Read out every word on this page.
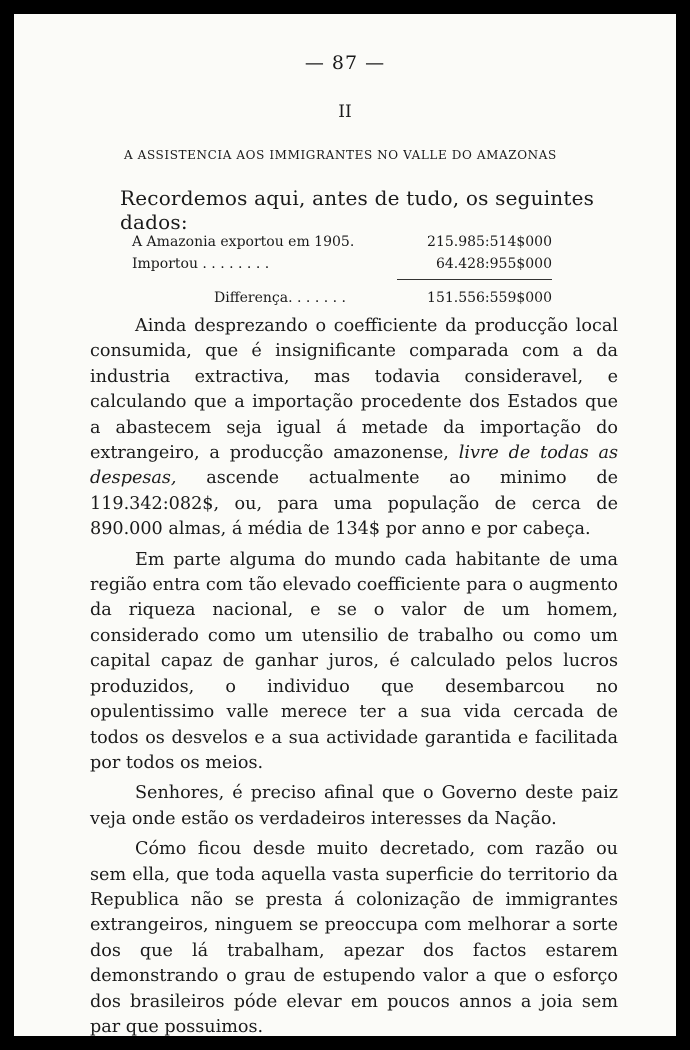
— 87 —
II
A ASSISTENCIA AOS IMMIGRANTES NO VALLE DO AMAZONAS
Recordemos aqui, antes de tudo, os seguintes dados:
A Amazonia exportou em 1905.	215.985:514$000
Importou . . . . . . . .	64.428:955$000
Differença. . . . . . .	151.556:559$000

Ainda desprezando o coefficiente da producção local consumida, que é insignificante comparada com a da industria extractiva, mas todavia consideravel, e calculando que a importação procedente dos Estados que a abastecem seja igual á metade da importação do extrangeiro, a producção amazonense, livre de todas as despesas, ascende actualmente ao minimo de 119.342:082$, ou, para uma população de cerca de 890.000 almas, á média de 134$ por anno e por cabeça.

Em parte alguma do mundo cada habitante de uma região entra com tão elevado coefficiente para o augmento da riqueza nacional, e se o valor de um homem, considerado como um utensilio de trabalho ou como um capital capaz de ganhar juros, é calculado pelos lucros produzidos, o individuo que desembarcou no opulentissimo valle merece ter a sua vida cercada de todos os desvelos e a sua actividade garantida e facilitada por todos os meios.

Senhores, é preciso afinal que o Governo deste paiz veja onde estão os verdadeiros interesses da Nação.

Cómo ficou desde muito decretado, com razão ou sem ella, que toda aquella vasta superficie do territorio da Republica não se presta á colonização de immigrantes extrangeiros, ninguem se preoccupa com melhorar a sorte dos que lá trabalham, apezar dos factos estarem demonstrando o grau de estupendo valor a que o esforço dos brasileiros póde elevar em poucos annos a joia sem par que possuimos.
